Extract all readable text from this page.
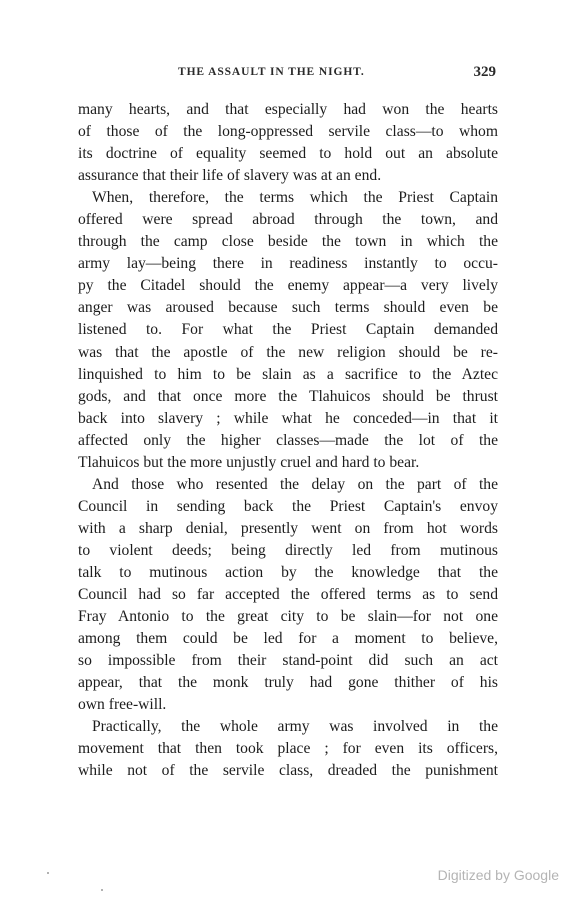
THE ASSAULT IN THE NIGHT.	329
many hearts, and that especially had won the hearts
of those of the long-oppressed servile class—to whom
its doctrine of equality seemed to hold out an absolute
assurance that their life of slavery was at an end.
When, therefore, the terms which the Priest Captain
offered were spread abroad through the town, and
through the camp close beside the town in which the
army lay—being there in readiness instantly to occu-
py the Citadel should the enemy appear—a very lively
anger was aroused because such terms should even be
listened to. For what the Priest Captain demanded
was that the apostle of the new religion should be re-
linquished to him to be slain as a sacrifice to the Aztec
gods, and that once more the Tlahuicos should be thrust
back into slavery ; while what he conceded—in that it
affected only the higher classes—made the lot of the
Tlahuicos but the more unjustly cruel and hard to bear.
And those who resented the delay on the part of the
Council in sending back the Priest Captain's envoy
with a sharp denial, presently went on from hot words
to violent deeds; being directly led from mutinous
talk to mutinous action by the knowledge that the
Council had so far accepted the offered terms as to send
Fray Antonio to the great city to be slain—for not one
among them could be led for a moment to believe,
so impossible from their stand-point did such an act
appear, that the monk truly had gone thither of his
own free-will.
Practically, the whole army was involved in the
movement that then took place ; for even its officers,
while not of the servile class, dreaded the punishment
Digitized by Google
